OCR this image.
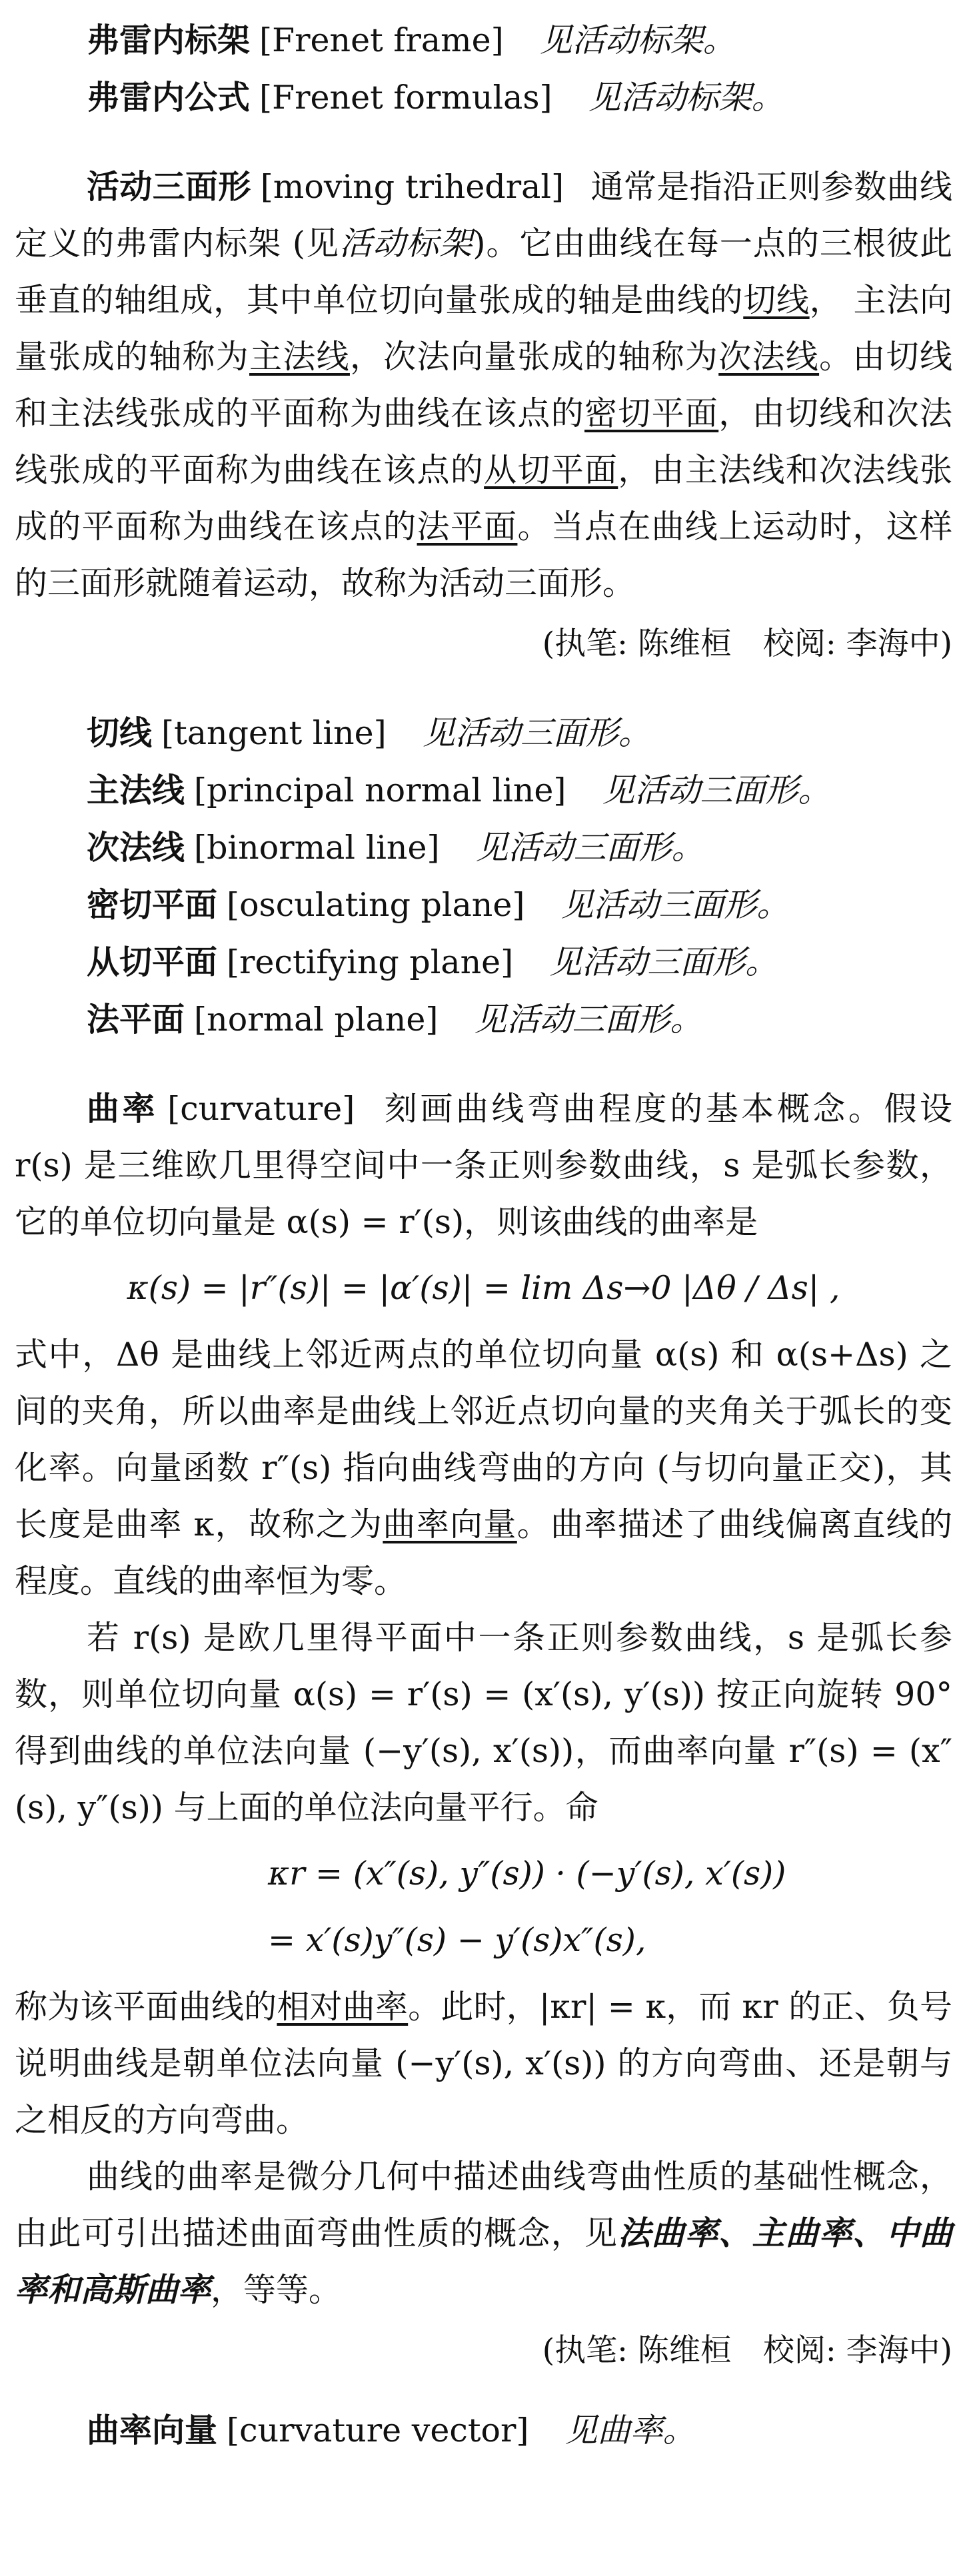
弗雷内标架 [Frenet frame] 见活动标架。

弗雷内公式 [Frenet formulas] 见活动标架。

活动三面形 [moving trihedral] 通常是指沿正则参数曲线定义的弗雷内标架 (见活动标架)。它由曲线在每一点的三根彼此垂直的轴组成，其中单位切向量张成的轴是曲线的切线， 主法向量张成的轴称为主法线，次法向量张成的轴称为次法线。由切线和主法线张成的平面称为曲线在该点的密切平面，由切线和次法线张成的平面称为曲线在该点的从切平面，由主法线和次法线张成的平面称为曲线在该点的法平面。当点在曲线上运动时，这样的三面形就随着运动，故称为活动三面形。

(执笔: 陈维桓　校阅: 李海中)

切线 [tangent line] 见活动三面形。

主法线 [principal normal line] 见活动三面形。

次法线 [binormal line] 见活动三面形。

密切平面 [osculating plane] 见活动三面形。

从切平面 [rectifying plane] 见活动三面形。

法平面 [normal plane] 见活动三面形。

曲率 [curvature] 刻画曲线弯曲程度的基本概念。假设 r(s) 是三维欧几里得空间中一条正则参数曲线，s 是弧长参数，它的单位切向量是 α(s) = r′(s)，则该曲线的曲率是

κ(s) = |r″(s)| = |α′(s)| = lim Δs→0 |Δθ / Δs| ,

式中，Δθ 是曲线上邻近两点的单位切向量 α(s) 和 α(s+Δs) 之间的夹角，所以曲率是曲线上邻近点切向量的夹角关于弧长的变化率。向量函数 r″(s) 指向曲线弯曲的方向 (与切向量正交)，其长度是曲率 κ，故称之为曲率向量。曲率描述了曲线偏离直线的程度。直线的曲率恒为零。

若 r(s) 是欧几里得平面中一条正则参数曲线，s 是弧长参数，则单位切向量 α(s) = r′(s) = (x′(s), y′(s)) 按正向旋转 90° 得到曲线的单位法向量 (−y′(s), x′(s))，而曲率向量 r″(s) = (x″(s), y″(s)) 与上面的单位法向量平行。命

κr = (x″(s), y″(s)) · (−y′(s), x′(s))

= x′(s)y″(s) − y′(s)x″(s),

称为该平面曲线的相对曲率。此时，|κr| = κ，而 κr 的正、负号说明曲线是朝单位法向量 (−y′(s), x′(s)) 的方向弯曲、还是朝与之相反的方向弯曲。

曲线的曲率是微分几何中描述曲线弯曲性质的基础性概念，由此可引出描述曲面弯曲性质的概念，见法曲率、主曲率、中曲率和高斯曲率，等等。

(执笔: 陈维桓　校阅: 李海中)

曲率向量 [curvature vector] 见曲率。
